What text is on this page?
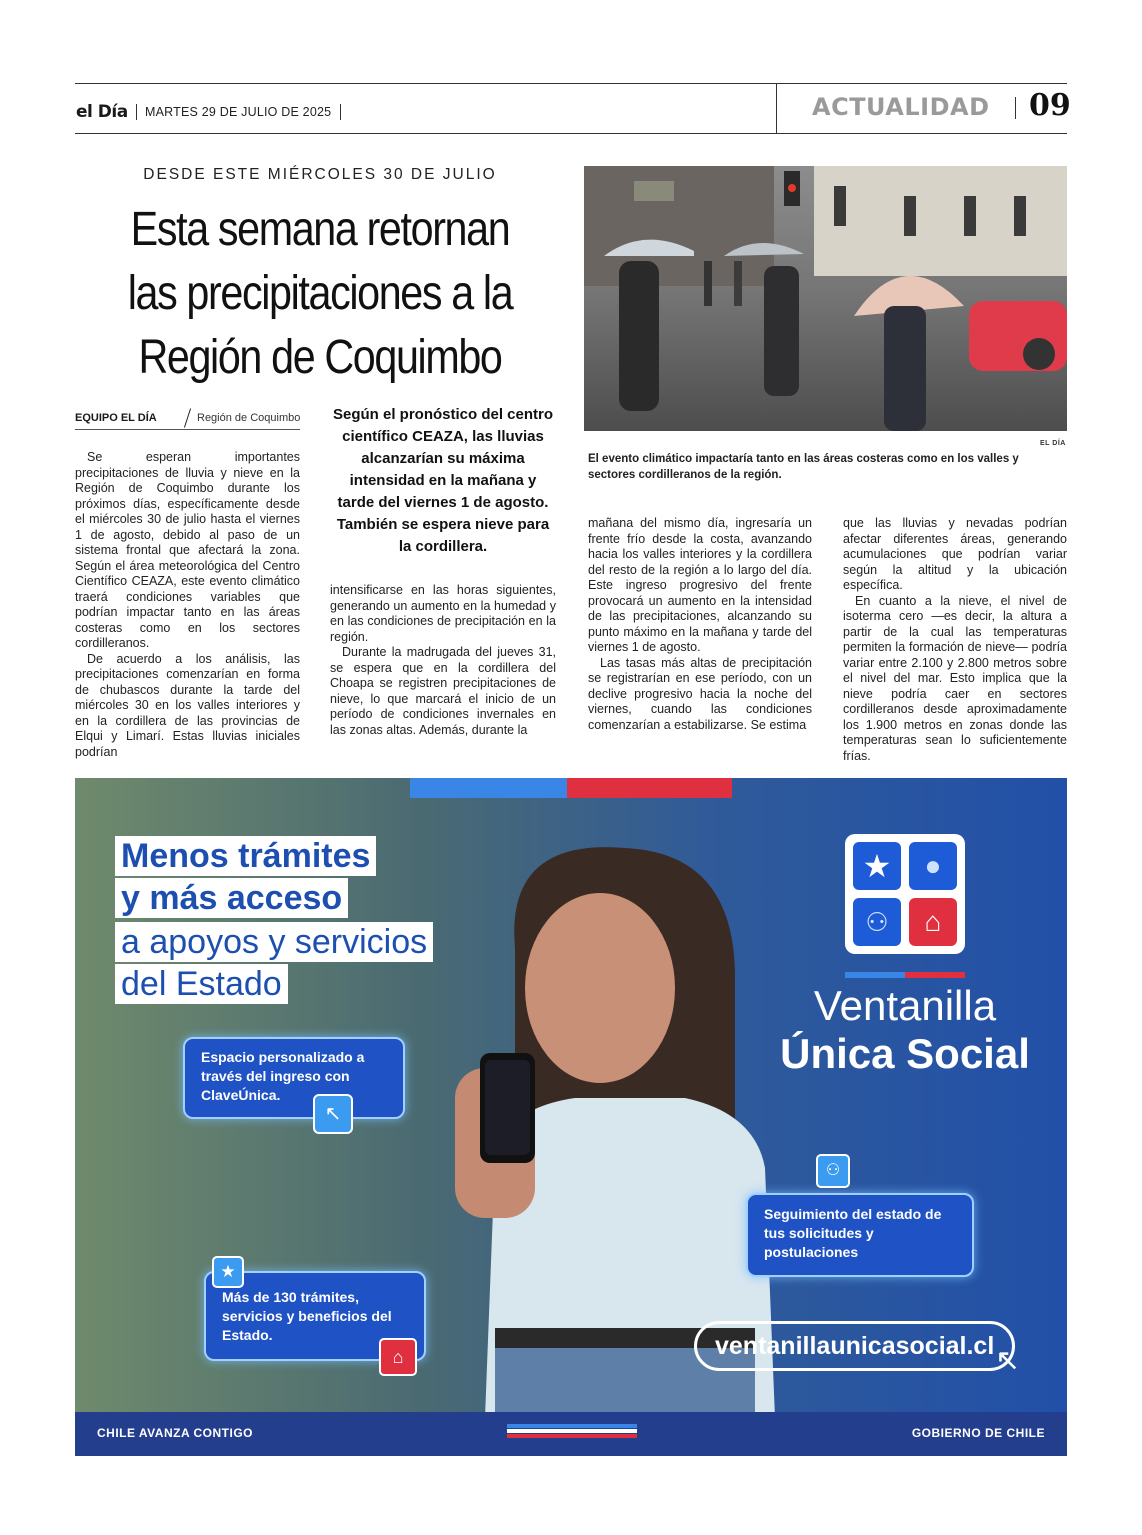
el Día MARTES 29 DE JULIO DE 2025	ACTUALIDAD 09
DESDE ESTE MIÉRCOLES 30 DE JULIO
Esta semana retornan
las precipitaciones a la
Región de Coquimbo
EQUIPO EL DÍA	Región de Coquimbo

Se esperan importantes precipitaciones de lluvia y nieve en la Región de Coquimbo durante los próximos días, específicamente desde el miércoles 30 de julio hasta el viernes 1 de agosto, debido al paso de un sistema frontal que afectará la zona. Según el área meteorológica del Centro Científico CEAZA, este evento climático traerá condiciones variables que podrían impactar tanto en las áreas costeras como en los sectores cordilleranos.

De acuerdo a los análisis, las precipitaciones comenzarían en forma de chubascos durante la tarde del miércoles 30 en los valles interiores y en la cordillera de las provincias de Elqui y Limarí. Estas lluvias iniciales podrían

Según el pronóstico del centro científico CEAZA, las lluvias alcanzarían su máxima intensidad en la mañana y tarde del viernes 1 de agosto. También se espera nieve para la cordillera.

intensificarse en las horas siguientes, generando un aumento en la humedad y en las condiciones de precipitación en la región.

Durante la madrugada del jueves 31, se espera que en la cordillera del Choapa se registren precipitaciones de nieve, lo que marcará el inicio de un período de condiciones invernales en las zonas altas. Además, durante la

EL DÍA
El evento climático impactaría tanto en las áreas costeras como en los valles y sectores cordilleranos de la región.

mañana del mismo día, ingresaría un frente frío desde la costa, avanzando hacia los valles interiores y la cordillera del resto de la región a lo largo del día. Este ingreso progresivo del frente provocará un aumento en la intensidad de las precipitaciones, alcanzando su punto máximo en la mañana y tarde del viernes 1 de agosto.

Las tasas más altas de precipitación se registrarían en ese período, con un declive progresivo hacia la noche del viernes, cuando las condiciones comenzarían a estabilizarse. Se estima

que las lluvias y nevadas podrían afectar diferentes áreas, generando acumulaciones que podrían variar según la altitud y la ubicación específica.

En cuanto a la nieve, el nivel de isoterma cero —es decir, la altura a partir de la cual las temperaturas permiten la formación de nieve— podría variar entre 2.100 y 2.800 metros sobre el nivel del mar. Esto implica que la nieve podría caer en sectores cordilleranos desde aproximadamente los 1.900 metros en zonas donde las temperaturas sean lo suficientemente frías.

Menos trámites
y más acceso
a apoyos y servicios
del Estado
Espacio personalizado a través del ingreso con ClaveÚnica.
↖
Más de 130 trámites, servicios y beneficios del Estado.
★
⌂
Seguimiento del estado de tus solicitudes y postulaciones
⚇
★	●
⚇	⌂
Ventanilla
Única Social
ventanillaunicasocial.cl ↖
CHILE AVANZA CONTIGO	GOBIERNO DE CHILE
